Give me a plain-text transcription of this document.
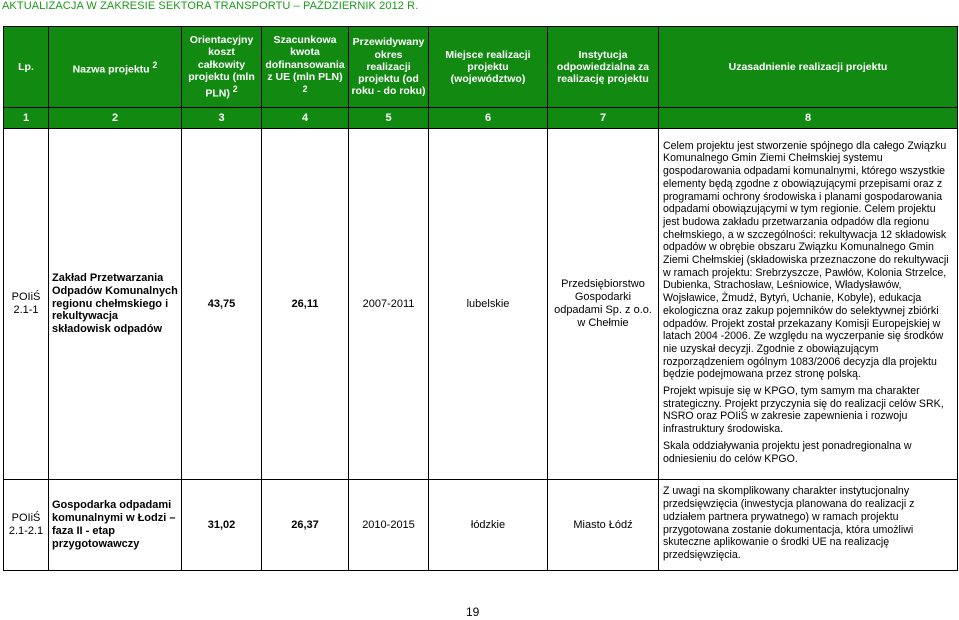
AKTUALIZACJA W ZAKRESIE SEKTORA TRANSPORTU – PAŹDZIERNIK 2012 R.
Lp.	Nazwa projektu $^2$	Orientacyjny koszt całkowity projektu (mln PLN) $^2$	Szacunkowa kwota dofinansowania z UE (mln PLN) $^2$	Przewidywany okres realizacji projektu (od roku - do roku)	Miejsce realizacji projektu (województwo)	Instytucja odpowiedzialna za realizację projektu	Uzasadnienie realizacji projektu
1	2	3	4	5	6	7	8
POIiŚ 2.1-1	Zakład Przetwarzania Odpadów Komunalnych regionu chełmskiego i rekultywacja składowisk odpadów	43,75	26,11	2007-2011	lubelskie	Przedsiębiorstwo Gospodarki odpadami Sp. z o.o. w Chełmie	Celem projektu jest stworzenie spójnego dla całego Związku Komunalnego Gmin Ziemi Chełmskiej systemu gospodarowania odpadami komunalnymi, którego wszystkie elementy będą zgodne z obowiązującymi przepisami oraz z programami ochrony środowiska i planami gospodarowania odpadami obowiązującymi w tym regionie. Celem projektu jest budowa zakładu przetwarzania odpadów dla regionu chełmskiego, a w szczególności: rekultywacja 12 składowisk odpadów w obrębie obszaru Związku Komunalnego Gmin Ziemi Chełmskiej (składowiska przeznaczone do rekultywacji w ramach projektu: Srebrzyszcze, Pawłów, Kolonia Strzelce, Dubienka, Strachosław, Leśniowice, Władysławów, Wojsławice, Żmudź, Bytyń, Uchanie, Kobyle), edukacja ekologiczna oraz zakup pojemników do selektywnej zbiórki odpadów. Projekt został przekazany Komisji Europejskiej w latach 2004 -2006. Ze względu na wyczerpanie się środków nie uzyskał decyzji. Zgodnie z obowiązującym rozporządzeniem ogólnym 1083/2006 decyzja dla projektu będzie podejmowana przez stronę polską.

Projekt wpisuje się w KPGO, tym samym ma charakter strategiczny. Projekt przyczynia się do realizacji celów SRK, NSRO oraz POIiŚ w zakresie zapewnienia i rozwoju infrastruktury środowiska.

Skala oddziaływania projektu jest ponadregionalna w odniesieniu do celów KPGO.

POIiŚ 2.1-2.1	Gospodarka odpadami komunalnymi w Łodzi – faza II - etap przygotowawczy	31,02	26,37	2010-2015	łódzkie	Miasto Łódź	Z uwagi na skomplikowany charakter instytucjonalny przedsięwzięcia (inwestycja planowana do realizacji z udziałem partnera prywatnego) w ramach projektu przygotowana zostanie dokumentacja, która umożliwi skuteczne aplikowanie o środki UE na realizację przedsięwzięcia.

19
